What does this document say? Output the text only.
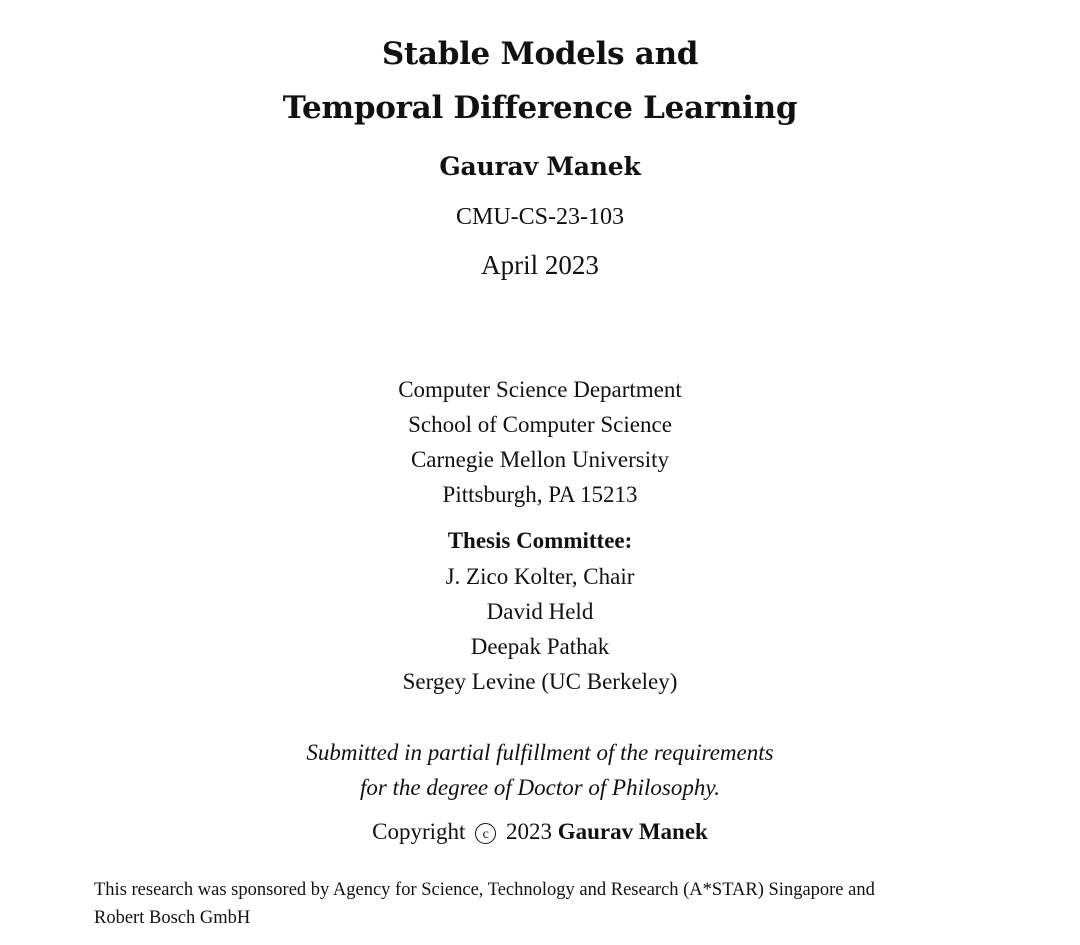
Stable Models and
Temporal Difference Learning
Gaurav Manek
CMU-CS-23-103
April 2023
Computer Science Department
School of Computer Science
Carnegie Mellon University
Pittsburgh, PA 15213
Thesis Committee:
J. Zico Kolter, Chair
David Held
Deepak Pathak
Sergey Levine (UC Berkeley)
Submitted in partial fulfillment of the requirements
for the degree of Doctor of Philosophy.
Copyright c 2023 Gaurav Manek
This research was sponsored by Agency for Science, Technology and Research (A*STAR) Singapore and
Robert Bosch GmbH
